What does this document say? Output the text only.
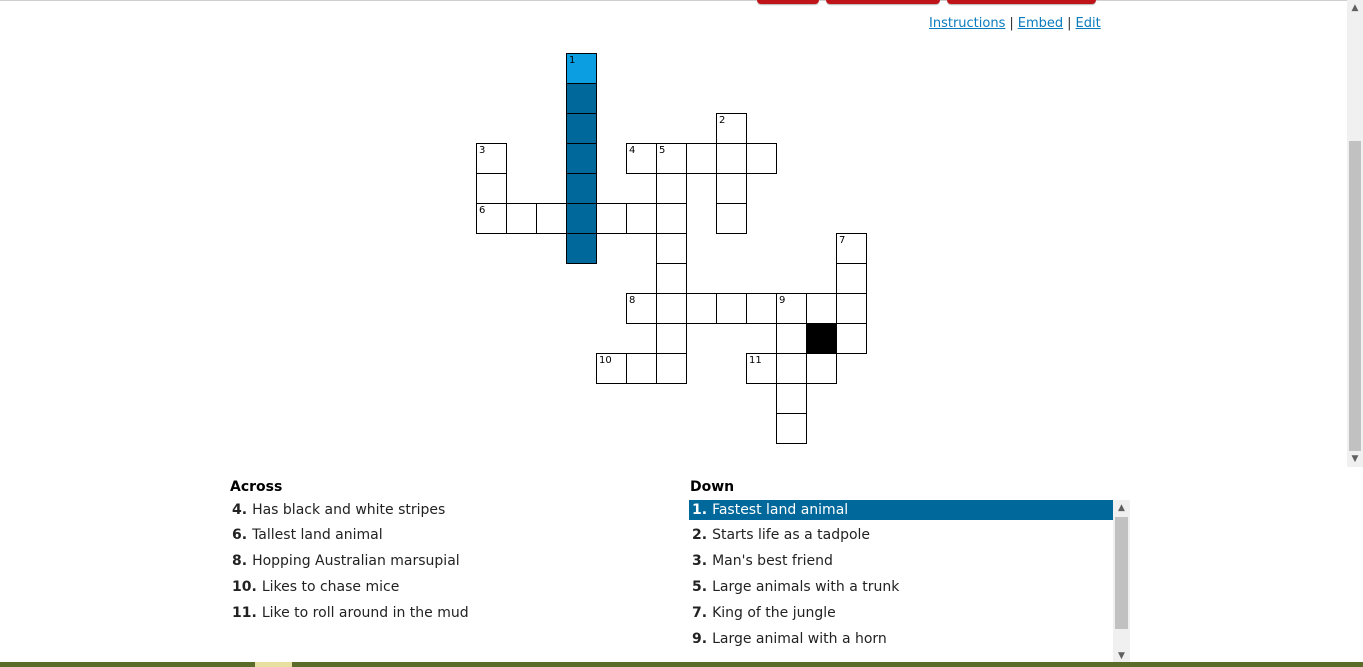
Instructions | Embed | Edit
1
2
3	4 5
6
7
8	9
10	11
Across
4. Has black and white stripes
6. Tallest land animal
8. Hopping Australian marsupial
10. Likes to chase mice
11. Like to roll around in the mud
Down
1. Fastest land animal
2. Starts life as a tadpole
3. Man's best friend
5. Large animals with a trunk
7. King of the jungle
9. Large animal with a horn
▲
▼
▲
▼
